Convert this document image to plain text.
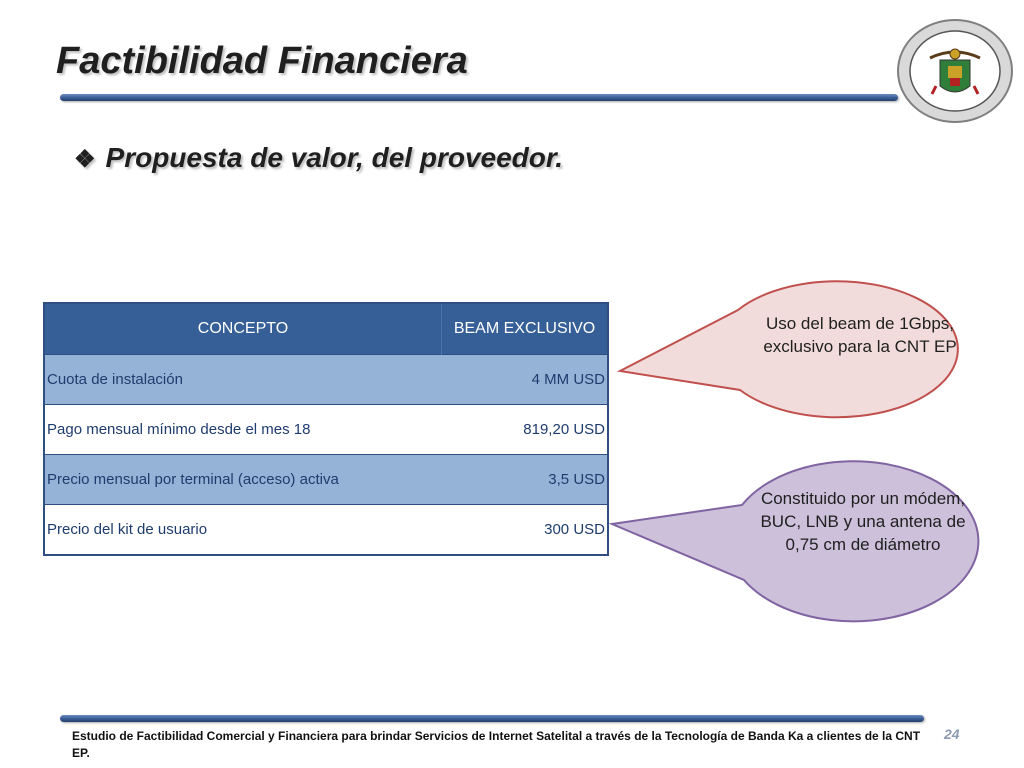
Factibilidad Financiera
❖ Propuesta de valor, del proveedor.
CONCEPTO	BEAM EXCLUSIVO
Cuota de instalación	4 MM USD
Pago mensual mínimo desde el mes 18	819,20 USD
Precio mensual por terminal (acceso) activa	3,5 USD
Precio del kit de usuario	300 USD
Uso del beam de 1Gbps, exclusivo para la CNT EP
Constituido por un módem, BUC, LNB y una antena de 0,75 cm de diámetro
Estudio de Factibilidad Comercial y Financiera para brindar Servicios de Internet Satelital a través de la Tecnología de Banda Ka a clientes de la CNT EP.
24
